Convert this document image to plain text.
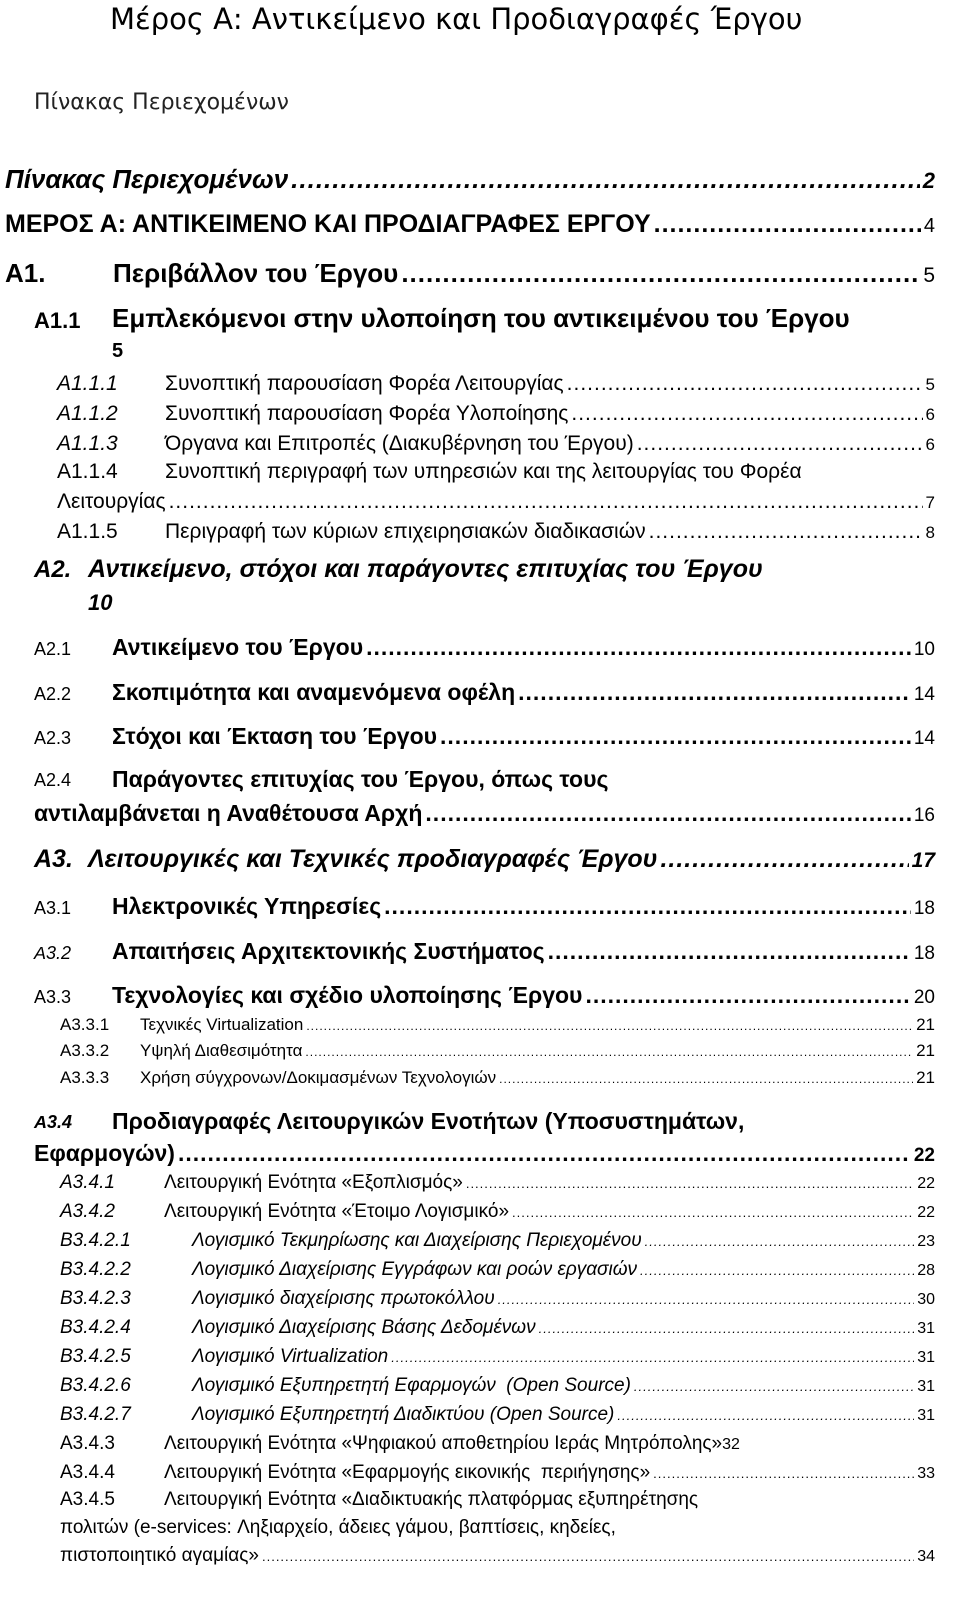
Μέρος Α: Αντικείμενο και Προδιαγραφές Έργου
Πίνακας Περιεχομένων
Πίνακας Περιεχομένων .....	2
ΜΕΡΟΣ Α: ΑΝΤΙΚΕΙΜΕΝΟ ΚΑΙ ΠΡΟΔΙΑΓΡΑΦΕΣ ΕΡΓΟΥ .....	4
Α1.	Περιβάλλον του Έργου .....	5
Α1.1 Εμπλεκόμενοι στην υλοποίηση του αντικειμένου του Έργου
5
Α1.1.1	Συνοπτική παρουσίαση Φορέα Λειτουργίας .....	5
Α1.1.2	Συνοπτική παρουσίαση Φορέα Υλοποίησης .....	6
Α1.1.3	Όργανα και Επιτροπές (Διακυβέρνηση του Έργου) .....	6
Α1.1.4 Συνοπτική περιγραφή των υπηρεσιών και της λειτουργίας του Φορέα
Λειτουργίας .....	7
Α1.1.5	Περιγραφή των κύριων επιχειρησιακών διαδικασιών .....	8
Α2. Αντικείμενο, στόχοι και παράγοντες επιτυχίας του Έργου
10
Α2.1	Αντικείμενο του Έργου .....	10
Α2.2	Σκοπιμότητα και αναμενόμενα οφέλη .....	14
Α2.3	Στόχοι και Έκταση του Έργου .....	14
Α2.4 Παράγοντες επιτυχίας του Έργου, όπως τους
αντιλαμβάνεται η Αναθέτουσα Αρχή .....	16
Α3. Λειτουργικές και Τεχνικές προδιαγραφές Έργου .....	17
Α3.1	Ηλεκτρονικές Υπηρεσίες .....	18
Α3.2	Απαιτήσεις Αρχιτεκτονικής Συστήματος .....	18
Α3.3	Τεχνολογίες και σχέδιο υλοποίησης Έργου .....	20
Α3.3.1	Τεχνικές Virtualization .....	21
Α3.3.2	Υψηλή Διαθεσιμότητα .....	21
Α3.3.3	Χρήση σύγχρονων/Δοκιμασμένων Τεχνολογιών .....	21
Α3.4 Προδιαγραφές Λειτουργικών Ενοτήτων (Υποσυστημάτων,
Εφαρμογών) .....	22
Α3.4.1	Λειτουργική Ενότητα «Εξοπλισμός» .....	22
Α3.4.2	Λειτουργική Ενότητα «Έτοιμο Λογισμικό» .....	22
Β3.4.2.1	Λογισμικό Τεκμηρίωσης και Διαχείρισης Περιεχομένου .....	23
Β3.4.2.2	Λογισμικό Διαχείρισης Εγγράφων και ροών εργασιών .....	28
Β3.4.2.3	Λογισμικό διαχείρισης πρωτοκόλλου .....	30
Β3.4.2.4	Λογισμικό Διαχείρισης Βάσης Δεδομένων .....	31
Β3.4.2.5	Λογισμικό Virtualization .....	31
Β3.4.2.6	Λογισμικό Εξυπηρετητή Εφαρμογών  (Open Source) .....	31
Β3.4.2.7	Λογισμικό Εξυπηρετητή Διαδικτύου (Open Source) .....	31
Α3.4.3	Λειτουργική Ενότητα «Ψηφιακού αποθετηρίου Ιεράς Μητρόπολης» 32
Α3.4.4	Λειτουργική Ενότητα «Εφαρμογής εικονικής  περιήγησης» .....	33
Α3.4.5	Λειτουργική Ενότητα «Διαδικτυακής πλατφόρμας εξυπηρέτησης
πολιτών (e-services: Ληξιαρχείο, άδειες γάμου, βαπτίσεις, κηδείες,
πιστοποιητικό αγαμίας» .....	34
